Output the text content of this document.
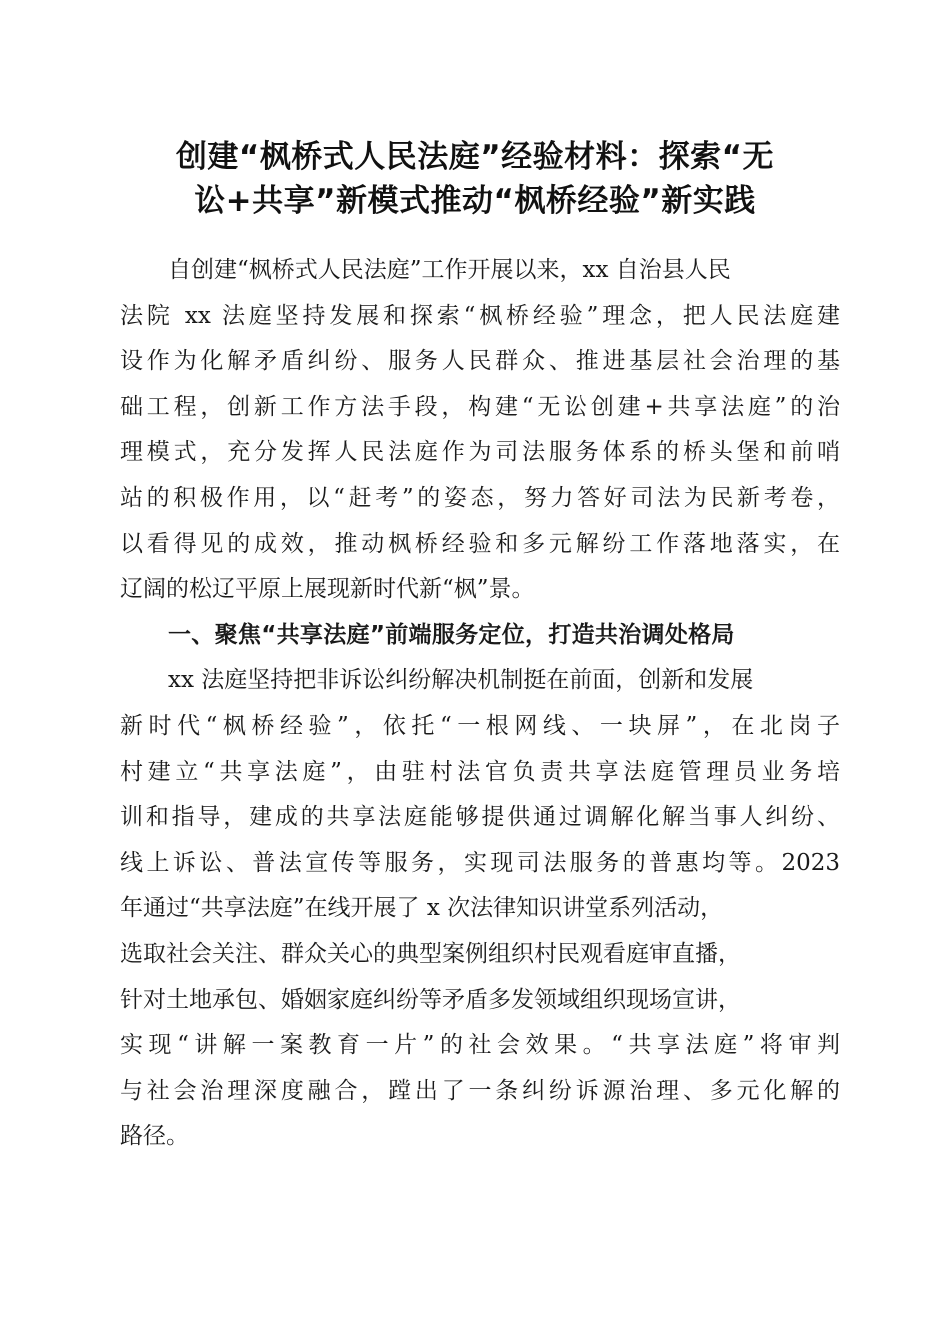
创建“枫桥式人民法庭”经验材料：探索“无
讼+共享”新模式推动“枫桥经验”新实践
自创建“枫桥式人民法庭”工作开展以来，xx 自治县人民
法院 xx 法庭坚持发展和探索“枫桥经验”理念，把人民法庭建
设作为化解矛盾纠纷、服务人民群众、推进基层社会治理的基
础工程，创新工作方法手段，构建“无讼创建+共享法庭”的治
理模式，充分发挥人民法庭作为司法服务体系的桥头堡和前哨
站的积极作用，以“赶考”的姿态，努力答好司法为民新考卷，
以看得见的成效，推动枫桥经验和多元解纷工作落地落实，在
辽阔的松辽平原上展现新时代新“枫”景。
一、聚焦“共享法庭”前端服务定位，打造共治调处格局
xx 法庭坚持把非诉讼纠纷解决机制挺在前面，创新和发展
新时代“枫桥经验”，依托“一根网线、一块屏”，在北岗子
村建立“共享法庭”，由驻村法官负责共享法庭管理员业务培
训和指导，建成的共享法庭能够提供通过调解化解当事人纠纷、
线上诉讼、普法宣传等服务，实现司法服务的普惠均等。2023
年通过“共享法庭”在线开展了 x 次法律知识讲堂系列活动，
选取社会关注、群众关心的典型案例组织村民观看庭审直播，
针对土地承包、婚姻家庭纠纷等矛盾多发领域组织现场宣讲，
实现“讲解一案教育一片”的社会效果。“共享法庭”将审判
与社会治理深度融合，蹚出了一条纠纷诉源治理、多元化解的
路径。
